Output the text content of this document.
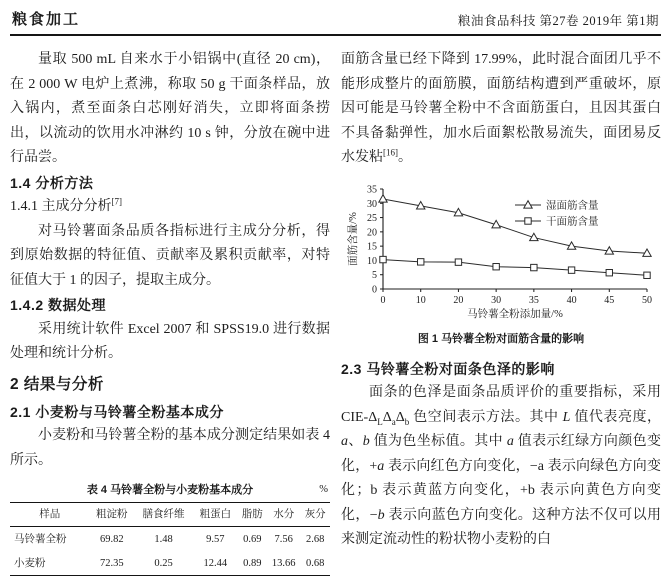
粮食加工	粮油食品科技 第27卷 2019年 第1期

量取 500 mL 自来水于小铝锅中(直径 20 cm)，在 2 000 W 电炉上煮沸，称取 50 g 干面条样品，放入锅内，煮至面条白芯刚好消失，立即将面条捞出，以流动的饮用水冲淋约 10 s 钟，分放在碗中进行品尝。

1.4 分析方法

1.4.1 主成分分析[7]

对马铃薯面条品质各指标进行主成分分析，得到原始数据的特征值、贡献率及累积贡献率，对特征值大于 1 的因子，提取主成分。

1.4.2 数据处理

采用统计软件 Excel 2007 和 SPSS19.0 进行数据处理和统计分析。

2 结果与分析

2.1 小麦粉与马铃薯全粉基本成分

小麦粉和马铃薯全粉的基本成分测定结果如表 4 所示。

表 4 马铃薯全粉与小麦粉基本成分	%
样品	粗淀粉	膳食纤维	粗蛋白	脂肪	水分	灰分
马铃薯全粉	69.82	1.48	9.57	0.69	7.56	2.68
小麦粉	72.35	0.25	12.44	0.89	13.66	0.68

面筋含量已经下降到 17.99%，此时混合面团几乎不能形成整片的面筋膜，面筋结构遭到严重破坏，原因可能是马铃薯全粉中不含面筋蛋白，且因其蛋白不具备黏弹性，加水后面絮松散易流失，面团易反水发粘[16]。

0
5
10
15
20
25
30
35
0	10	20	30	35	40	45	50
马铃薯全粉添加量/%
面筋含量/%
湿面筋含量
干面筋含量
图 1 马铃薯全粉对面筋含量的影响

2.3 马铃薯全粉对面条色泽的影响

面条的色泽是面条品质评价的重要指标，采用 CIE-$\Delta_L\Delta_a\Delta_b$ 色空间表示方法。其中 L 值代表亮度，a、b 值为色坐标值。其中 a 值表示红绿方向颜色变化，+a 表示向红色方向变化，−a 表示向绿色方向变化；b 表示黄蓝方向变化，+b 表示向黄色方向变化，−b 表示向蓝色方向变化。这种方法不仅可以用来测定流动性的粉状物小麦粉的白
